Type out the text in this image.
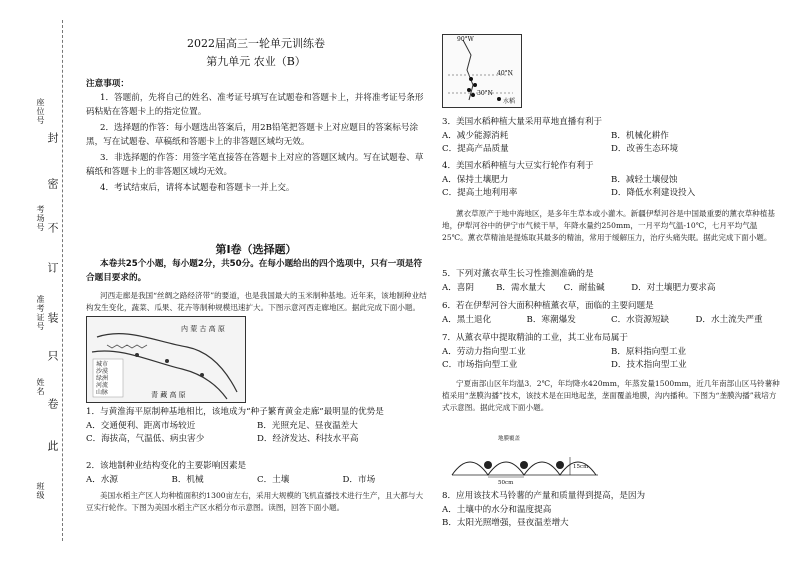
座位号
考场号
准考证号
姓名
班级
此
卷
只
装
订
不
密
封
2022届高三一轮单元训练卷
第九单元 农业（B）
注意事项：
1．答题前，先将自己的姓名、准考证号填写在试题卷和答题卡上，并将准考证号条形码粘贴在答题卡上的指定位置。
2．选择题的作答：每小题选出答案后，用2B铅笔把答题卡上对应题目的答案标号涂黑，写在试题卷、草稿纸和答题卡上的非答题区域均无效。
3．非选择题的作答：用签字笔直接答在答题卡上对应的答题区域内。写在试题卷、草稿纸和答题卡上的非答题区域均无效。
4．考试结束后，请将本试题卷和答题卡一并上交。
第Ⅰ卷（选择题）
本卷共25个小题，每小题2分，共50分。在每小题给出的四个选项中，只有一项是符合题目要求的。
河西走廊是我国“丝绸之路经济带”的要道，也是我国最大的玉米制种基地。近年来，该地制种业结构发生变化，蔬菜、瓜果、花卉等制种规模迅速扩大。下图示意河西走廊地区。据此完成下面小题。
内 蒙 古 高 原
青 藏 高 原
城市
沙漠
绿洲
河流
山脉
1．与黄淮海平原制种基地相比，该地成为“种子繁育黄金走廊”最明显的优势是
A．交通便利、距离市场较近	B．光照充足、昼夜温差大
C．海拔高，气温低、病虫害少	D．经济发达、科技水平高
2．该地制种业结构变化的主要影响因素是
A．水源	B．机械	C．土壤	D．市场
美国水稻主产区人均种植面积约1300亩左右，采用大规模的飞机直播技术进行生产，且大都与大豆实行轮作。下图为美国水稻主产区水稻分布示意图。读图，回答下面小题。
90°W
40°N
30°N
水稻
3．美国水稻种植大量采用草地直播有利于
A．减少能源消耗	B．机械化耕作
C．提高产品质量	D．改善生态环境
4．美国水稻种植与大豆实行轮作有利于
A．保持土壤肥力	B．减轻土壤侵蚀
C．提高土地利用率	D．降低水利建设投入
薰衣草原产于地中海地区，是多年生草本或小灌木。新疆伊犁河谷是中国最重要的薰衣草种植基地，伊犁河谷中的伊宁市气候干旱，年降水量约250mm，一月平均气温-10℃，七月平均气温25℃。薰衣草精油是提炼取其最多的精油，常用于缓解压力，治疗头痛失眠。据此完成下面小题。
5．下列对薰衣草生长习性推测准确的是
A．喜阴	B．需水量大	C．耐盐碱	D．对土壤肥力要求高
6．若在伊犁河谷大面积种植薰衣草，面临的主要问题是
A．黑土退化	B．寒潮爆发	C．水资源短缺	D．水土流失严重
7．从薰衣草中提取精油的工业，其工业布局属于
A．劳动力指向型工业	B．原料指向型工业
C．市场指向型工业	D．技术指向型工业
宁夏南部山区年均温3．2℃，年均降水420mm，年蒸发量1500mm，近几年南部山区马铃薯种植采用“垄膜沟播”技术，该技术是在田地起垄，垄面覆盖地膜，沟内播种。下图为“垄膜沟播”栽培方式示意图。据此完成下面小题。
地膜覆盖
50cm
15cm
8．应用该技术马铃薯的产量和质量得到提高，是因为
A．土壤中的水分和温度提高
B．太阳光照增强，昼夜温差增大
